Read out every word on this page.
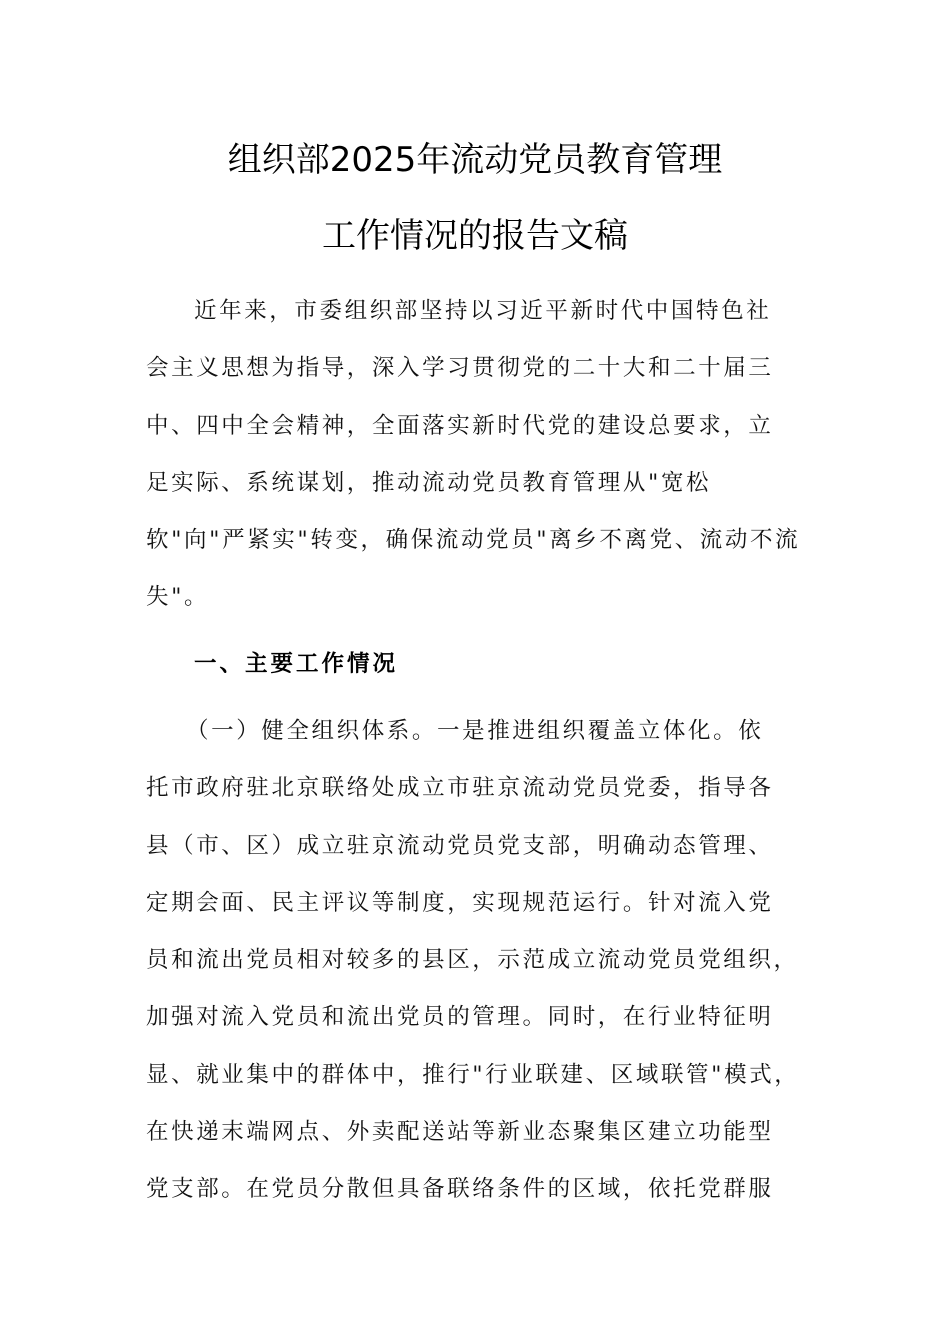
组织部2025年流动党员教育管理
工作情况的报告文稿
近年来，市委组织部坚持以习近平新时代中国特色社
会主义思想为指导，深入学习贯彻党的二十大和二十届三
中、四中全会精神，全面落实新时代党的建设总要求，立
足实际、系统谋划，推动流动党员教育管理从"宽松
软"向"严紧实"转变，确保流动党员"离乡不离党、流动不流
失"。
一、主要工作情况
（一）健全组织体系。一是推进组织覆盖立体化。依
托市政府驻北京联络处成立市驻京流动党员党委，指导各
县（市、区）成立驻京流动党员党支部，明确动态管理、
定期会面、民主评议等制度，实现规范运行。针对流入党
员和流出党员相对较多的县区，示范成立流动党员党组织，
加强对流入党员和流出党员的管理。同时，在行业特征明
显、就业集中的群体中，推行"行业联建、区域联管"模式，
在快递末端网点、外卖配送站等新业态聚集区建立功能型
党支部。在党员分散但具备联络条件的区域，依托党群服
